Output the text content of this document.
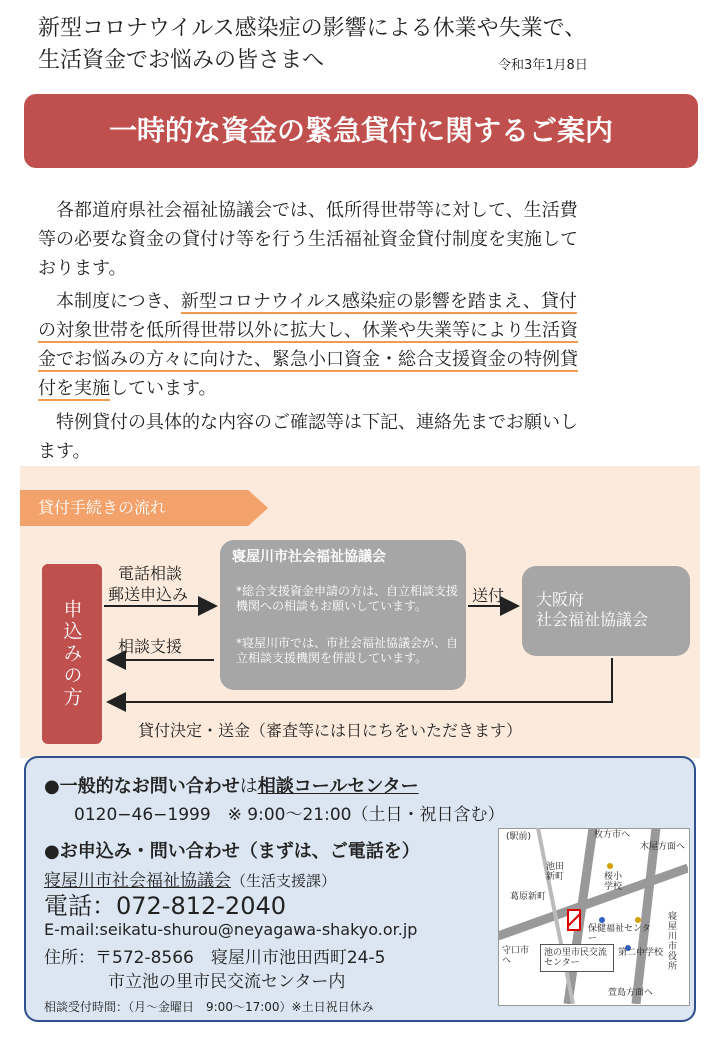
新型コロナウイルス感染症の影響による休業や失業で、
生活資金でお悩みの皆さまへ	令和3年1月8日
一時的な資金の緊急貸付に関するご案内
　各都道府県社会福祉協議会では、低所得世帯等に対して、生活費
等の必要な資金の貸付け等を行う生活福祉資金貸付制度を実施して
おります。
　本制度につき、新型コロナウイルス感染症の影響を踏まえ、貸付
の対象世帯を低所得世帯以外に拡大し、休業や失業等により生活資
金でお悩みの方々に向けた、緊急小口資金・総合支援資金の特例貸
付を実施しています。
　特例貸付の具体的な内容のご確認等は下記、連絡先までお願いし
ます。
貸付手続きの流れ
申込みの方
電話相談
郵送申込み
相談支援
寝屋川市社会福祉協議会
*総合支援資金申請の方は、自立相談支援機関への相談もお願いしています。
*寝屋川市では、市社会福祉協議会が、自立相談支援機関を併設しています。
送付 大阪府
社会福祉協議会
貸付決定・送金（審査等には日にちをいただきます）
●一般的なお問い合わせは相談コールセンター
0120−46−1999　※ 9:00〜21:00（土日・祝日含む）
●お申込み・問い合わせ（まずは、ご電話を）
寝屋川市社会福祉協議会（生活支援課）
電話：072-812-2040
E-mail:seikatu-shurou@neyagawa-shakyo.or.jp
住所：〒572-8566　寝屋川市池田西町24-5
市立池の里市民交流センター内
相談受付時間：（月〜金曜日　9:00〜17:00）※土日祝日休み
(駅前)	枚方市へ
木屋方面へ
池田新町	桜小学校
葛原新町
保健福祉センター
寝屋川市役所
守口市へ
池の里市民交流センター
第二中学校
萱島方面へ
